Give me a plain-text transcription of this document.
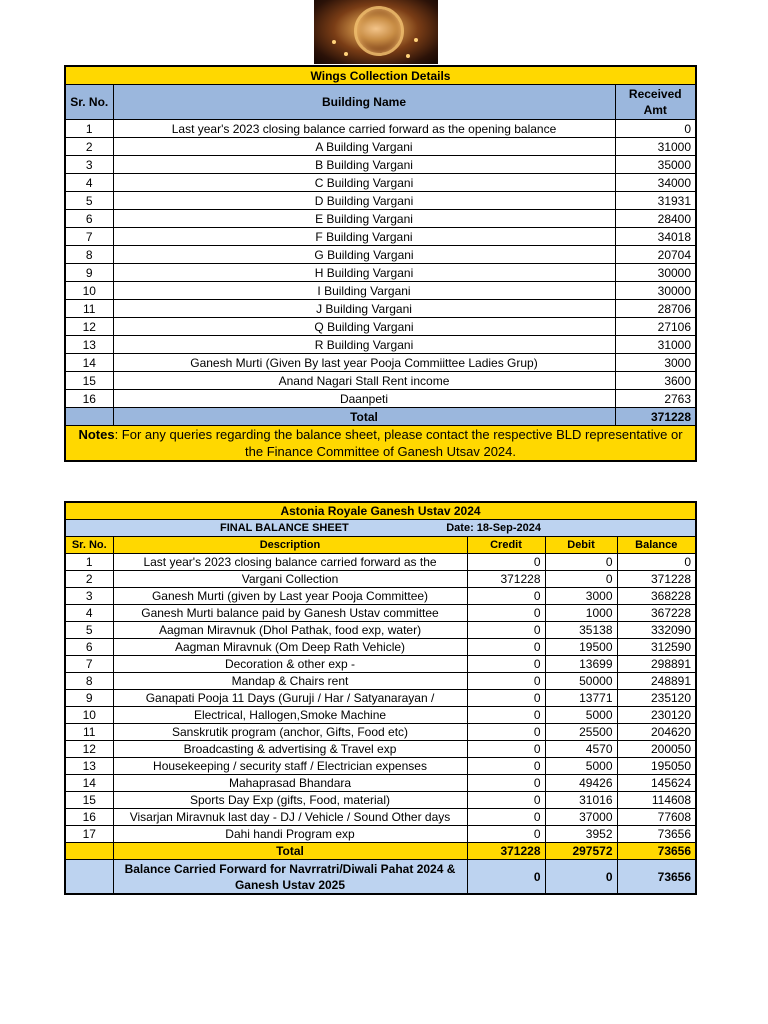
Wings Collection Details		
Sr. No.	Building Name	Received Amt
1	Last year's 2023 closing balance carried forward as the opening balance	0
2	A Building Vargani	31000
3	B Building Vargani	35000
4	C Building Vargani	34000
5	D Building Vargani	31931
6	E Building Vargani	28400
7	F Building Vargani	34018
8	G Building Vargani	20704
9	H Building Vargani	30000
10	I Building Vargani	30000
11	J Building Vargani	28706
12	Q Building Vargani	27106
13	R Building Vargani	31000
14	Ganesh Murti (Given By last year Pooja Commiittee Ladies Grup)	3000
15	Anand Nagari Stall Rent income	3600
16	Daanpeti	2763
	Total	371228
Notes: For any queries regarding the balance sheet, please contact the respective BLD representative or the Finance Committee of Ganesh Utsav 2024.		
Astonia Royale Ganesh Ustav 2024				

FINAL BALANCE SHEET Date: 18-Sep-2024				

Sr. No.	Description	Credit	Debit	Balance
1	Last year's 2023 closing balance carried forward as the	0	0	0
2	Vargani Collection	371228	0	371228
3	Ganesh Murti (given by Last year Pooja Committee)	0	3000	368228
4	Ganesh Murti balance paid by Ganesh Ustav committee	0	1000	367228
5	Aagman Miravnuk (Dhol Pathak, food exp, water)	0	35138	332090
6	Aagman Miravnuk (Om Deep Rath Vehicle)	0	19500	312590
7	Decoration & other exp -	0	13699	298891
8	Mandap & Chairs rent	0	50000	248891
9	Ganapati Pooja 11 Days (Guruji / Har / Satyanarayan /	0	13771	235120
10	Electrical, Hallogen,Smoke Machine	0	5000	230120
11	Sanskrutik program (anchor, Gifts, Food etc)	0	25500	204620
12	Broadcasting & advertising & Travel exp	0	4570	200050
13	Housekeeping / security staff / Electrician expenses	0	5000	195050
14	Mahaprasad Bhandara	0	49426	145624
15	Sports Day Exp (gifts, Food, material)	0	31016	114608
16	Visarjan Miravnuk last day - DJ / Vehicle / Sound Other days	0	37000	77608
17	Dahi handi Program exp	0	3952	73656
	Total	371228	297572	73656
	Balance Carried Forward for Navrratri/Diwali Pahat 2024 & Ganesh Ustav 2025	0	0	73656
